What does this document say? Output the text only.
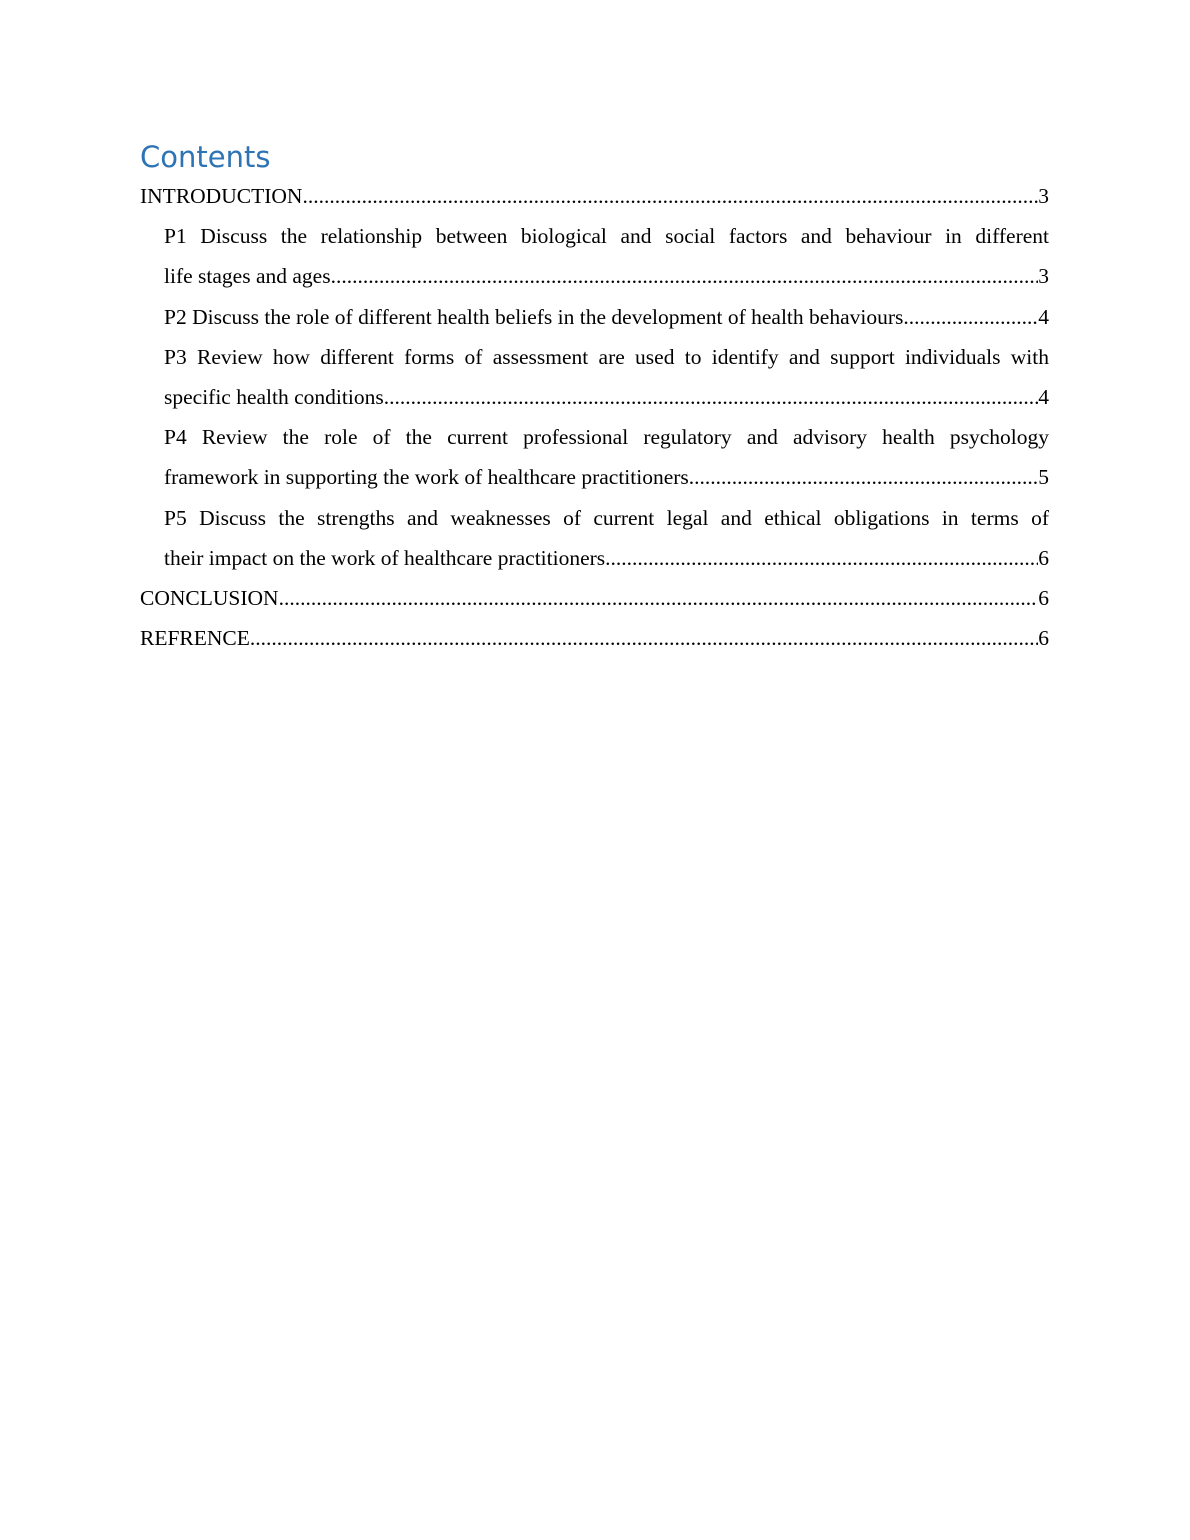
Contents
INTRODUCTION .....	3
P1 Discuss the relationship between biological and social factors and behaviour in different
life stages and ages .....	3
P2 Discuss the role of different health beliefs in the development of health behaviours .....	4
P3 Review how different forms of assessment are used to identify and support individuals with
specific health conditions .....	4
P4 Review the role of the current professional regulatory and advisory health psychology
framework in supporting the work of healthcare practitioners .....	5
P5 Discuss the strengths and weaknesses of current legal and ethical obligations in terms of
their impact on the work of healthcare practitioners .....	6
CONCLUSION .....	6
REFRENCE .....	6
